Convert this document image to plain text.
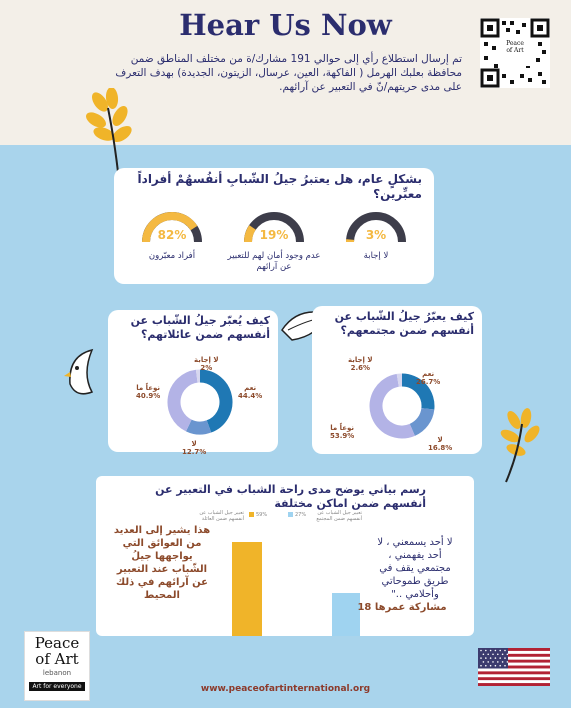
Hear Us Now
تم إرسال استطلاع رأي إلى حوالي 191 مشارك/ة من مختلف المناطق ضمن محافظة بعلبك الهرمل ( الفاكهة، العين، عرسال، الزيتون، الجديدة) بهدف التعرف على مدى حريتهم/نّ في التعبير عن آرائهم.
Peace
of Art
بشكلٍ عام، هل يعتبرُ جيلُ الشّبابِ أنفُسهُمْ أفراداً معبِّرين؟
82%
أفراد معبّرون
19%
عدم وجود أمان لهم للتعبير عن آرائهم
3%
لا إجابة
كيف يُعبّر جيلُ الشّباب عن أنفسهم ضمن عائلاتهم؟
لا إجابة
2%
نعم
44.4%
نوعاً ما
40.9%
لا
12.7%
كيف يعبّرُ جيلُ الشّباب عن أنفسهم ضمن مجتمعهم؟
لا إجابة
2.6%
نعم
26.7%
نوعاً ما
53.9%	لا
16.8%
رسم بياني يوضح مدى راحة الشباب في التعبير عن أنفسهم ضمن اماكن مختلفة
هذا يشير إلى العديد من العوائق التي يواجهها جيلُ الشّباب عند التعبير عن آرائهم في ذلك المحيط
تعبير جيل الشباب عن أنفسهم ضمن العائلة
59%	تعبير جيل الشباب عن أنفسهم ضمن المجتمع
27%
لا أحد يسمعني ، لا أحد يفهمني ، مجتمعي يقف في طريق طموحاتي وأحلامي .."
مشاركة عمرها 18
Peace
of Art
lebanon
Art for everyone	www.peaceofartinternational.org
